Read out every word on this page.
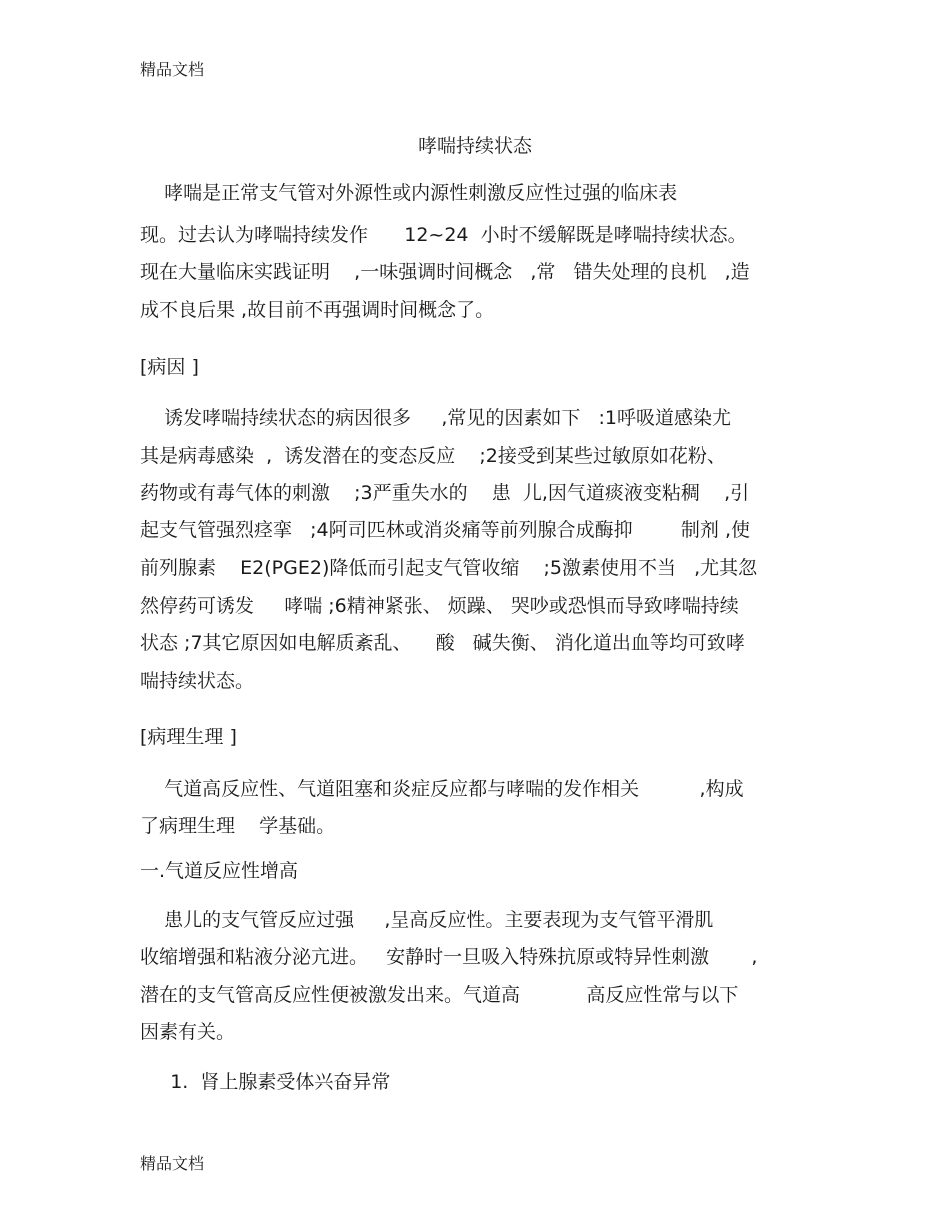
精品文档
哮喘持续状态
哮喘是正常支气管对外源性或内源性刺激反应性过强的临床表
现。过去认为哮喘持续发作      12~24  小时不缓解既是哮喘持续状态。
现在大量临床实践证明    ,一味强调时间概念   ,常   错失处理的良机   ,造
成不良后果 ,故目前不再强调时间概念了。
[病因 ]
诱发哮喘持续状态的病因很多     ,常见的因素如下   :1呼吸道感染尤
其是病毒感染  ,  诱发潜在的变态反应    ;2接受到某些过敏原如花粉、
药物或有毒气体的刺激    ;3严重失水的    患  儿,因气道痰液变粘稠    ,引
起支气管强烈痉挛   ;4阿司匹林或消炎痛等前列腺合成酶抑        制剂 ,使
前列腺素    E2(PGE2)降低而引起支气管收缩    ;5激素使用不当   ,尤其忽
然停药可诱发     哮喘 ;6精神紧张、 烦躁、 哭吵或恐惧而导致哮喘持续
状态 ;7其它原因如电解质紊乱、    酸   碱失衡、 消化道出血等均可致哮
喘持续状态。
[病理生理 ]
气道高反应性、气道阻塞和炎症反应都与哮喘的发作相关          ,构成
了病理生理    学基础。
一.气道反应性增高
患儿的支气管反应过强     ,呈高反应性。主要表现为支气管平滑肌
收缩增强和粘液分泌亢进。   安静时一旦吸入特殊抗原或特异性刺激       ,
潜在的支气管高反应性便被激发出来。气道高           高反应性常与以下
因素有关。
1.  肾上腺素受体兴奋异常
精品文档
